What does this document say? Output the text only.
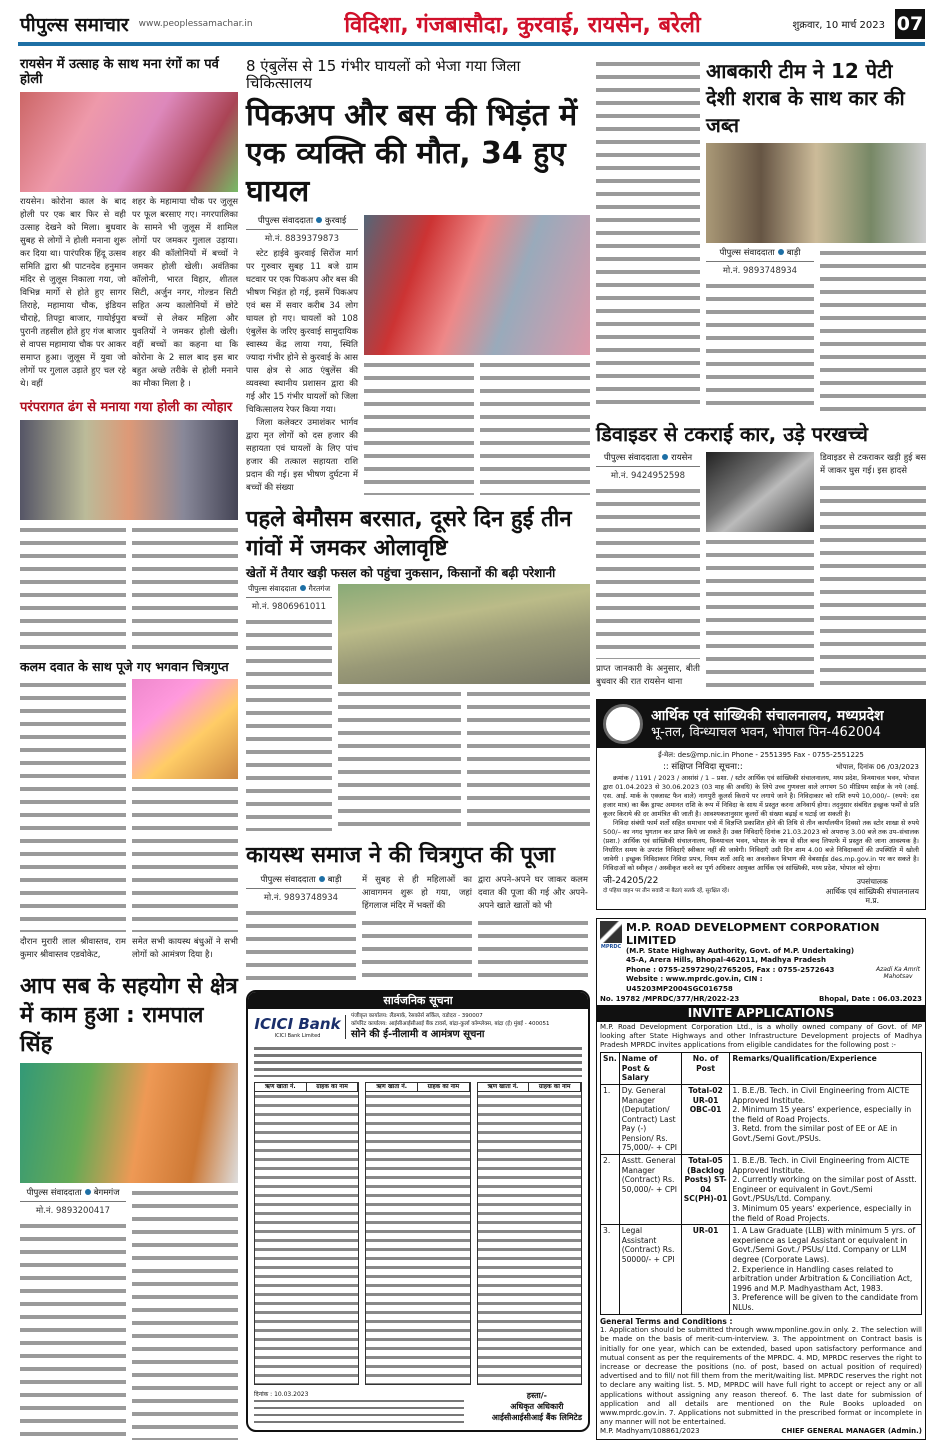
पीपुल्स समाचार www.peoplessamachar.in	विदिशा, गंजबासौदा, कुरवाई, रायसेन, बरेली	शुक्रवार, 10 मार्च 2023 07
रायसेन में उत्साह के साथ मना रंगों का पर्व होली
रायसेन। कोरोना काल के बाद होली पर एक बार फिर से वही उत्साह देखने को मिला। बुधवार सुबह से लोगों ने होली मनाना शुरू कर दिया था। पारंपरिक हिंदू उत्सव समिति द्वारा श्री पाटनदेव हनुमान मंदिर से जुलूस निकाला गया, जो विभिन्न मार्गो से होते हुए सागर तिराहे, महामाया चौक, इंडियन चौराहे, तिपट्टा बाजार, गायोईपुरा पुरानी तहसील होते हुए गंज बाजार से वापस महामाया चौक पर आकर समाप्त हुआ। जुलूस में युवा जो लोगों पर गुलाल उड़ाते हुए चल रहे थे। वहीं
शहर के महामाया चौक पर जुलूस पर फूल बरसाए गए। नगरपालिका के सामने भी जुलूस में शामिल लोगों पर जमकर गुलाल उड़ाया। शहर की कॉलोनियों में बच्चों ने जमकर होली खेली। अवंतिका कॉलोनी, भारत विहार, शीतल सिटी, अर्जुन नगर, गोल्डन सिटी सहित अन्य कालोनियों में छोटे बच्चों से लेकर महिला और युवतियों ने जमकर होली खेली। वहीं बच्चों का कहना था कि कोरोना के 2 साल बाद इस बार बहुत अच्छे तरीके से होली मनाने का मौका मिला है ।
परंपरागत ढंग से मनाया गया होली का त्योहार
कलम दवात के साथ पूजे गए भगवान चित्रगुप्त
दौरान मुरारी लाल श्रीवास्तव, राम कुमार श्रीवास्तव एडवोकेट,
समेत सभी कायस्थ बंधुओं ने सभी लोगों को आमंत्रण दिया है।
आप सब के सहयोग से क्षेत्र में काम हुआ : रामपाल सिंह
पीपुल्स संवाददाता बेगमगंज
मो.नं. 9893200417
8 एंबुलेंस से 15 गंभीर घायलों को भेजा गया जिला चिकित्सालय
पिकअप और बस की भिड़ंत में एक व्यक्ति की मौत, 34 हुए घायल
पीपुल्स संवाददाता कुरवाई
मो.नं. 8839379873

स्टेट हाईवे कुरवाई सिरोंज मार्ग पर गुरुवार सुबह 11 बजे ग्राम घटवार पर एक पिकअप और बस की भीषण भिड़ंत हो गई, इसमें पिकअप एवं बस में सवार करीब 34 लोग घायल हो गए। घायलों को 108 एंबुलेंस के जरिए कुरवाई सामुदायिक स्वास्थ्य केंद्र लाया गया, स्थिति ज्यादा गंभीर होने से कुरवाई के आस पास क्षेत्र से आठ एंबुलेंस की व्यवस्था स्थानीय प्रशासन द्वारा की गई और 15 गंभीर घायलों को जिला चिकित्सालय रेफर किया गया।

जिला कलेक्टर उमाशंकर भार्गव द्वारा मृत लोगों को दस हजार की सहायता एवं घायलों के लिए पांच हजार की तत्काल सहायता राशि प्रदान की गई। इस भीषण दुर्घटना में बच्चों की संख्या

पहले बेमौसम बरसात, दूसरे दिन हुई तीन गांवों में जमकर ओलावृष्टि
खेतों में तैयार खड़ी फसल को पहुंचा नुकसान, किसानों की बढ़ी परेशानी
पीपुल्स संवाददाता गैरतगंज
मो.नं. 9806961011
कायस्थ समाज ने की चित्रगुप्त की पूजा
पीपुल्स संवाददाता बाड़ी
मो.नं. 9893748934
में सुबह से ही महिलाओं का आवागमन शुरू हो गया, जहां हिंगलाज मंदिर में भक्तों की
द्वारा अपने-अपने घर जाकर कलम दवात की पूजा की गई और अपने-अपने खाते खातों को भी
आबकारी टीम ने 12 पेटी देशी शराब के साथ कार की जब्त
पीपुल्स संवाददाता बाड़ी
मो.नं. 9893748934
डिवाइडर से टकराई कार, उड़े परखच्चे
पीपुल्स संवाददाता रायसेन
मो.नं. 9424952598
प्राप्त जानकारी के अनुसार, बीती बुधवार की रात रायसेन थाना
डिवाइडर से टकराकर खड़ी हुई बस में जाकर घुस गई। इस हादसे
आर्थिक एवं सांख्यिकी संचालनालय, मध्यप्रदेश
भू-तल, विन्ध्याचल भवन, भोपाल पिन-462004
ई-मेल: des@mp.nic.in Phone - 2551395 Fax - 0755-2551225
:: संक्षिप्त निविदा सूचना::	भोपाल, दिनांक 06 /03/2023

क्रमांक / 1191 / 2023 / आसांसं / 1 – प्रशा. / स्टोर आर्थिक एवं सांख्यिकी संचालनालय, मध्य प्रदेश, विन्ध्याचल भवन, भोपाल द्वारा 01.04.2023 से 30.06.2023 (03 माह की अवधि) के लिये उच्च गुणवत्ता वाले लगभग 50 मीडियम साईज के नये (आई. एस. आई. मार्क के एक्जास्ट फैन वाले) नागपुरी कूलर्स किराये पर लगाये जाने है। निविदाकार को राशि रुपये 10,000/– (रुपये: दस हजार मात्र) का बैंक ड्राफ्ट अमानत राशि के रूप में निविदा के साथ में प्रस्तुत करना अनिवार्य होगा। तद्नुसार संबंधित इच्छुक फर्मों से प्रति कूलर किराये की दर आमंत्रित की जाती है। आवश्यकतानुसार कूलरों की संख्या बढ़ाई व घटाई जा सकती है।

निविदा संबंधी फार्म शर्तो सहित समाचार पत्रो में विज्ञप्ति प्रकाशित होने की तिथि से तीन कार्यालयीन दिवसो तक स्टोर शाखा से रुपये 500/– का नगद भुगतान कर प्राप्त किये जा सकते हैं। उक्त निविदाएँ दिनांक 21.03.2023 को अपरान्ह 3.00 बजे तक उप–संचालक (प्रशा.) आर्थिक एवं सांख्यिकी संचालनालय, विन्ध्याचल भवन, भोपाल के नाम से सील बन्द लिफाफे में प्रस्तुत की जाना आवश्यक है। निर्धारित समय के उपरांत निविदाएँ स्वीकार नहीं की जावेगी। निविदाएँ उसी दिन शाम 4.00 बजे निविदाकारों की उपस्थिति में खोली जावेगी । इच्छुक निविदाकार निविदा प्रपत्र, नियम शर्तो आदि का अवलोकन विभाग की वेबसाईड des.mp.gov.in पर कर सकते है। निविदाओं को स्वीकृत / अस्वीकृत करने का पूर्ण अधिकार आयुक्त आर्थिक एवं सांख्यिकी, मध्य प्रदेश, भोपाल को रहेगा।

जी-24205/22
दो पहिया वाहन पर तीन सवारी ना बैठाएं सतर्क रहें, सुरक्षित रहें।
उपसंचालक
आर्थिक एवं सांख्यिकी संचालनालय
म.प्र.
MPRDC
M.P. ROAD DEVELOPMENT CORPORATION LIMITED
(M.P. State Highway Authority, Govt. of M.P. Undertaking)
45-A, Arera Hills, Bhopal-462011, Madhya Pradesh
Phone : 0755-2597290/2765205, Fax : 0755-2572643
Website : www.mprdc.gov.in, CIN : U45203MP2004SGC016758
Azadi Ka Amrit Mahotsav
No. 19782 /MPRDC/377/HR/2022-23	Bhopal, Date : 06.03.2023
INVITE APPLICATIONS
M.P. Road Development Corporation Ltd., is a wholly owned company of Govt. of MP looking after State Highways and other Infrastructure Development projects of Madhya Pradesh MPRDC invites applications from eligible candidates for the following post :-
Sn.	Name of Post & Salary	No. of Post	Remarks/Qualification/Experience
1.	Dy. General Manager (Deputation/ Contract) Last Pay (-) Pension/ Rs. 75,000/- + CPI	Total-02 UR-01 OBC-01	1. B.E./B. Tech. in Civil Engineering from AICTE Approved Institute.
2. Minimum 15 years' experience, especially in the field of Road Projects.
3. Retd. from the similar post of EE or AE in Govt./Semi Govt./PSUs.

2.	Asstt. General Manager (Contract) Rs. 50,000/- + CPI	Total-05 (Backlog Posts) ST-04 SC(PH)-01	1. B.E./B. Tech. in Civil Engineering from AICTE Approved Institute.
2. Currently working on the similar post of Asstt. Engineer or equivalent in Govt./Semi Govt./PSUs/Ltd. Company.
3. Minimum 05 years' experience, especially in the field of Road Projects.

3.	Legal Assistant (Contract) Rs. 50000/- + CPI	UR-01	1. A Law Graduate (LLB) with minimum 5 yrs. of experience as Legal Assistant or equivalent in Govt./Semi Govt./ PSUs/ Ltd. Company or LLM degree (Corporate Laws).
2. Experience in Handling cases related to arbitration under Arbitration & Conciliation Act, 1996 and M.P. Madhyastham Act, 1983.
3. Preference will be given to the candidate from NLUs.
General Terms and Conditions :
1. Application should be submitted through www.mponline.gov.in only. 2. The selection will be made on the basis of merit-cum-interview. 3. The appointment on Contract basis is initially for one year, which can be extended, based upon satisfactory performance and mutual consent as per the requirements of the MPRDC. 4. MD, MPRDC reserves the right to increase or decrease the positions (no. of post, based on actual position of required) advertised and to fill/ not fill them from the merit/waiting list. MPRDC reserves the right not to declare any waiting list. 5. MD, MPRDC will have full right to accept or reject any or all applications without assigning any reason thereof. 6. The last date for submission of application and all details are mentioned on the Rule Books uploaded on www.mprdc.gov.in. 7. Applications not submitted in the prescribed format or incomplete in any manner will not be entertained.
M.P. Madhyam/108861/2023	CHIEF GENERAL MANAGER (Admin.)
सार्वजनिक सूचना
ICICI Bank
ICICI Bank Limited
पंजीकृत कार्यालय: लैंडमार्क, रेसकोर्स सर्किल, वडोदरा - 390007
कॉर्पोरेट कार्यालय: आईसीआईसीआई बैंक टावर्स, बांद्रा-कुर्ला कॉम्प्लेक्स, बांद्रा (ई) मुंबई - 400051
सोने की ई-नीलामी व आमंत्रण सूचना
ऋण खाता नं.	ग्राहक का नाम	ऋण खाता नं.	ग्राहक का नाम	ऋण खाता नं.	ग्राहक का नाम
दिनांक : 10.03.2023	हस्ता/-
अधिकृत अधिकारी
आईसीआईसीआई बैंक लिमिटेड
